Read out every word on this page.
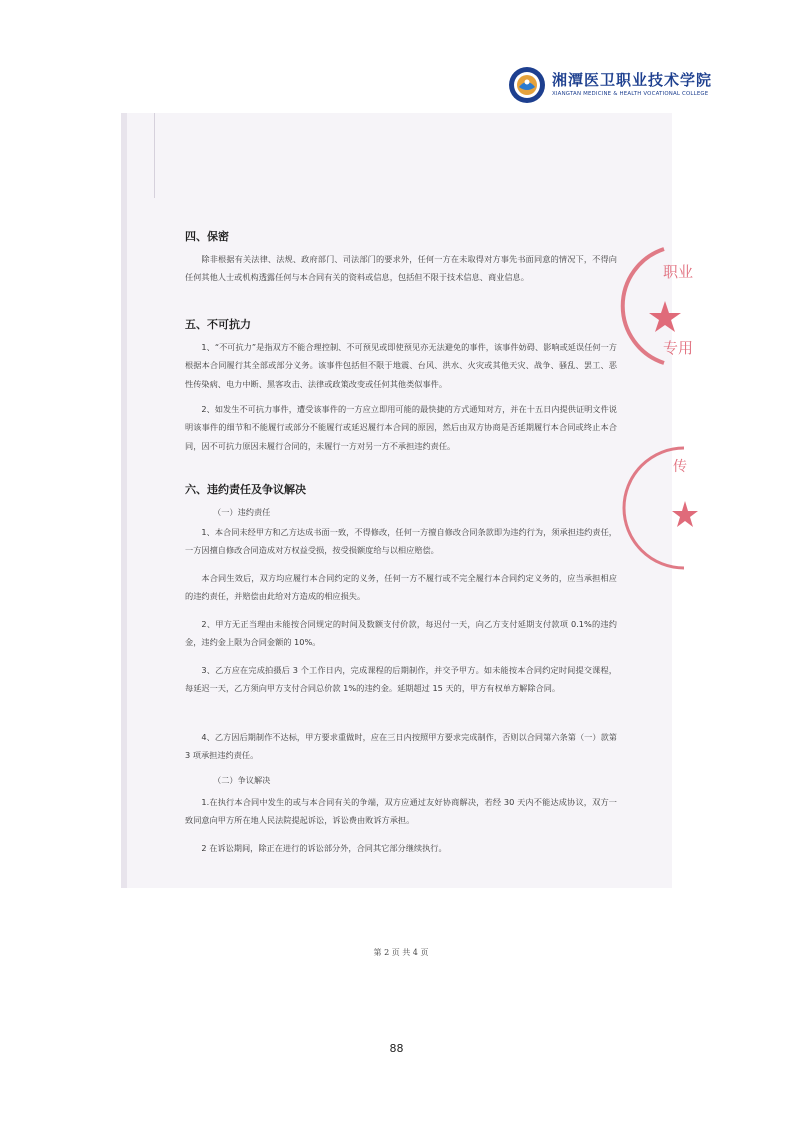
湘潭医卫职业技术学院
XIANGTAN MEDICINE & HEALTH VOCATIONAL COLLEGE
职业
专用
传
四、保密
除非根据有关法律、法规、政府部门、司法部门的要求外，任何一方在未取得对方事先书面同意的情况下，不得向任何其他人士或机构透露任何与本合同有关的资料或信息，包括但不限于技术信息、商业信息。
五、不可抗力
1、“不可抗力”是指双方不能合理控制、不可预见或即使预见亦无法避免的事件，该事件妨碍、影响或延误任何一方根据本合同履行其全部或部分义务。该事件包括但不限于地震、台风、洪水、火灾或其他天灾、战争、骚乱、罢工、恶性传染病、电力中断、黑客攻击、法律或政策改变或任何其他类似事件。
2、如发生不可抗力事件，遭受该事件的一方应立即用可能的最快捷的方式通知对方，并在十五日内提供证明文件说明该事件的细节和不能履行或部分不能履行或延迟履行本合同的原因，然后由双方协商是否延期履行本合同或终止本合同，因不可抗力原因未履行合同的，未履行一方对另一方不承担违约责任。
六、违约责任及争议解决
（一）违约责任
1、本合同未经甲方和乙方达成书面一致，不得修改，任何一方擅自修改合同条款即为违约行为，须承担违约责任，一方因擅自修改合同造成对方权益受损，按受损额度给与以相应赔偿。
本合同生效后，双方均应履行本合同约定的义务，任何一方不履行或不完全履行本合同约定义务的，应当承担相应的违约责任，并赔偿由此给对方造成的相应损失。
2、甲方无正当理由未能按合同规定的时间及数额支付价款，每迟付一天，向乙方支付延期支付款项 0.1%的违约金，违约金上限为合同金额的 10%。
3、乙方应在完成拍摄后 3 个工作日内，完成课程的后期制作，并交予甲方。如未能按本合同约定时间提交课程，每延迟一天，乙方须向甲方支付合同总价款 1%的违约金。延期超过 15 天的，甲方有权单方解除合同。
4、乙方因后期制作不达标，甲方要求重做时，应在三日内按照甲方要求完成制作，否则以合同第六条第（一）款第 3 项承担违约责任。
（二）争议解决
1.在执行本合同中发生的或与本合同有关的争端，双方应通过友好协商解决，若经 30 天内不能达成协议，双方一致同意向甲方所在地人民法院提起诉讼，诉讼费由败诉方承担。
2 在诉讼期间，除正在进行的诉讼部分外，合同其它部分继续执行。
第 2 页 共 4 页
88
